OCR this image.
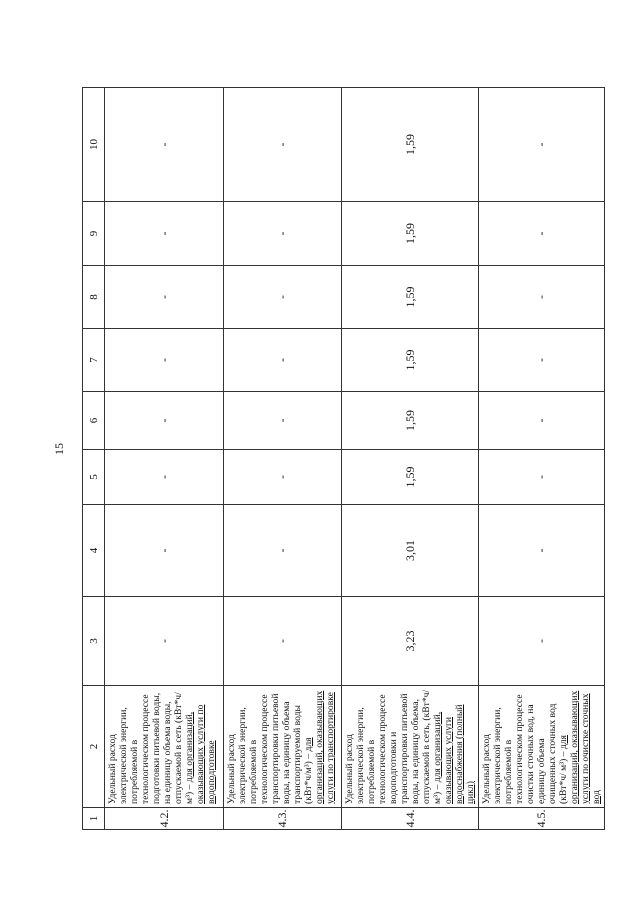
15
1	2	3	4	5	6	7	8	9	10
4.2.	Удельный расход электрической энергии, потребляемой в технологическом процессе подготовки питьевой воды, на единицу объема воды, отпускаемой в сеть (кВт*ч/м³) – для организаций, оказывающих услуги по водоподготовке	-	-	-	-	-	-	-	-
4.3.	Удельный расход электрической энергии, потребляемой в технологическом процессе транспортировки питьевой воды, на единицу объема транспортируемой воды (кВт*ч/м³) – для организаций, оказывающих услуги по транспортировке	-	-	-	-	-	-	-	-
4.4.	Удельный расход электрической энергии, потребляемой в технологическом процессе водоподготовки и транспортировки питьевой воды, на единицу объема, отпускаемой в сеть, (кВт*ч/м³) – для организаций, оказывающих услуги водоснабжения (полный цикл)	3,23	3,01	1,59	1,59	1,59	1,59	1,59	1,59
4.5.	Удельный расход электрической энергии, потребляемой в технологическом процессе очистки сточных вод, на единицу объема очищенных сточных вод (кВт*ч/ м³) – для организаций, оказывающих услуги по очистке сточных вод	-	-	-	-	-	-	-	-
